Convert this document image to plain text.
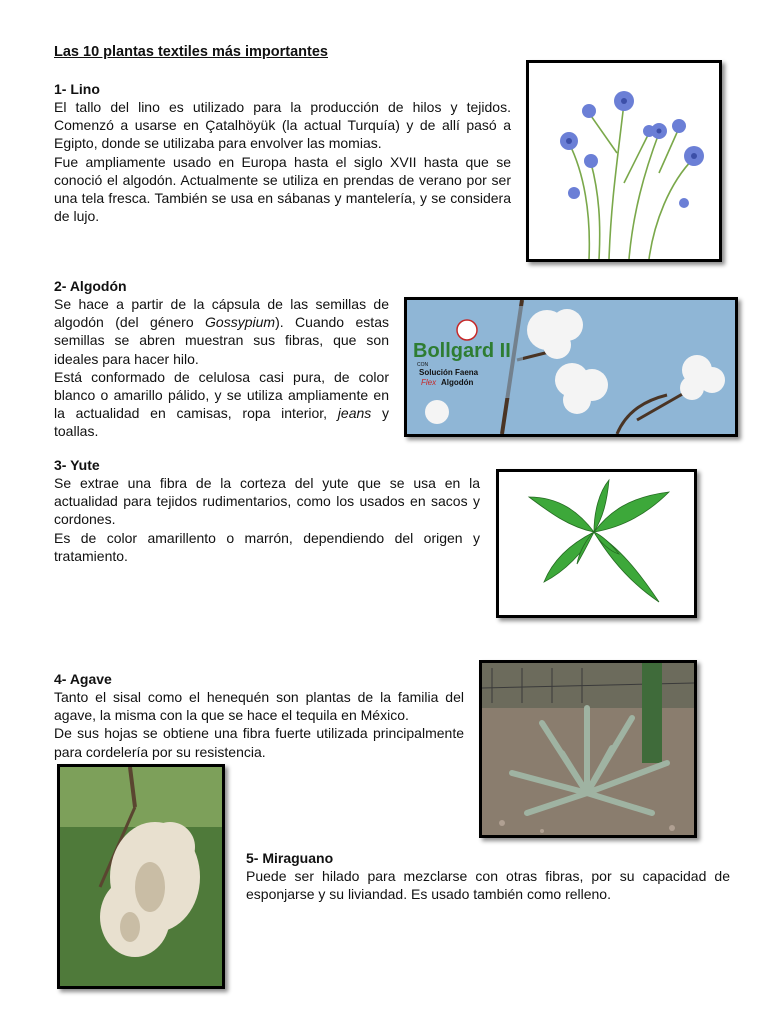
Las 10 plantas textiles más importantes
1- Lino

El tallo del lino es utilizado para la producción de hilos y tejidos. Comenzó a usarse en Çatalhöyük (la actual Turquía) y de allí pasó a Egipto, donde se utilizaba para envolver las momias.

Fue ampliamente usado en Europa hasta el siglo XVII hasta que se conoció el algodón. Actualmente se utiliza en prendas de verano por ser una tela fresca. También se usa en sábanas y mantelería, y se considera de lujo.

2- Algodón

Se hace a partir de la cápsula de las semillas de algodón (del género Gossypium). Cuando estas semillas se abren muestran sus fibras, que son ideales para hacer hilo.

Está conformado de celulosa casi pura, de color blanco o amarillo pálido, y se utiliza ampliamente en la actualidad en camisas, ropa interior, jeans y toallas.

Bollgard II
CON
Solución Faena
Flex Algodón
3- Yute

Se extrae una fibra de la corteza del yute que se usa en la actualidad para tejidos rudimentarios, como los usados en sacos y cordones.

Es de color amarillento o marrón, dependiendo del origen y tratamiento.

4- Agave

Tanto el sisal como el henequén son plantas de la familia del agave, la misma con la que se hace el tequila en México.

De sus hojas se obtiene una fibra fuerte utilizada principalmente para cordelería por su resistencia.

5- Miraguano

Puede ser hilado para mezclarse con otras fibras, por su capacidad de esponjarse y su liviandad. Es usado también como relleno.
